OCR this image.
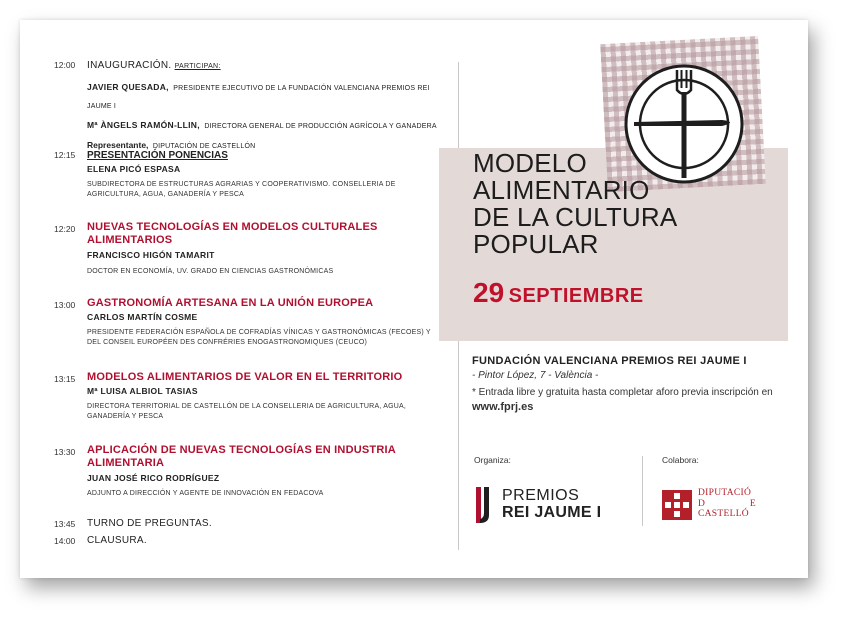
12:00	INAUGURACIÓN. PARTICIPAN:
JAVIER QUESADA, PRESIDENTE EJECUTIVO DE LA FUNDACIÓN VALENCIANA PREMIOS REI JAUME I
Mª ÀNGELS RAMÓN-LLIN, DIRECTORA GENERAL DE PRODUCCIÓN AGRÍCOLA Y GANADERA
Representante, DIPUTACIÓN DE CASTELLÓN
12:15	PRESENTACIÓN PONENCIAS
ELENA PICÓ ESPASA
SUBDIRECTORA DE ESTRUCTURAS AGRARIAS Y COOPERATIVISMO. CONSELLERIA DE AGRICULTURA, AGUA, GANADERÍA Y PESCA
12:20	NUEVAS TECNOLOGÍAS EN MODELOS CULTURALES ALIMENTARIOS
FRANCISCO HIGÓN TAMARIT
DOCTOR EN ECONOMÍA, UV. GRADO EN CIENCIAS GASTRONÓMICAS
13:00	GASTRONOMÍA ARTESANA EN LA UNIÓN EUROPEA
CARLOS MARTÍN COSME
PRESIDENTE FEDERACIÓN ESPAÑOLA DE COFRADÍAS VÍNICAS Y GASTRONÓMICAS (FECOES) Y DEL CONSEIL EUROPÉEN DES CONFRÉRIES ENOGASTRONOMIQUES (CEUCO)
13:15	MODELOS ALIMENTARIOS DE VALOR EN EL TERRITORIO
Mª LUISA ALBIOL TASIAS
DIRECTORA TERRITORIAL DE CASTELLÓN DE LA CONSELLERIA DE AGRICULTURA, AGUA, GANADERÍA Y PESCA
13:30	APLICACIÓN DE NUEVAS TECNOLOGÍAS EN INDUSTRIA ALIMENTARIA
JUAN JOSÉ RICO RODRÍGUEZ
ADJUNTO A DIRECCIÓN Y AGENTE DE INNOVACIÓN EN FEDACOVA
13:45	TURNO DE PREGUNTAS.
14:00	CLAUSURA.
MODELO
ALIMENTARIO
DE LA CULTURA
POPULAR
29 SEPTIEMBRE
FUNDACIÓN VALENCIANA PREMIOS REI JAUME I
- Pintor López, 7 - València -
* Entrada libre y gratuita hasta completar aforo previa inscripción en www.fprj.es
Organiza:	Colabora:
PREMIOS
REI JAUME I
DIPUTACIÓ
D	E
CASTELLÓ
